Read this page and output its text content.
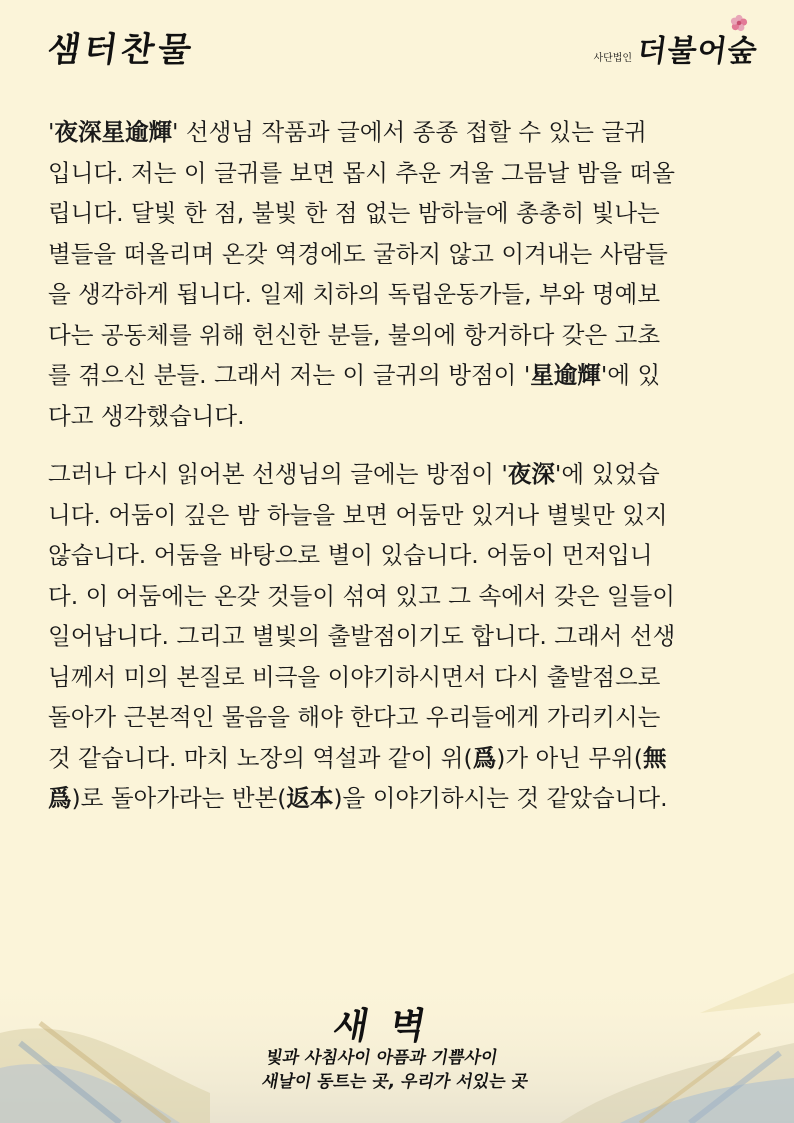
샘터찬물	사단법인 더불어숲

'夜深星逾輝' 선생님 작품과 글에서 종종 접할 수 있는 글귀
입니다. 저는 이 글귀를 보면 몹시 추운 겨울 그믐날 밤을 떠올
립니다. 달빛 한 점, 불빛 한 점 없는 밤하늘에 총총히 빛나는
별들을 떠올리며 온갖 역경에도 굴하지 않고 이겨내는 사람들
을 생각하게 됩니다. 일제 치하의 독립운동가들, 부와 명예보
다는 공동체를 위해 헌신한 분들, 불의에 항거하다 갖은 고초
를 겪으신 분들. 그래서 저는 이 글귀의 방점이 '星逾輝'에 있
다고 생각했습니다.

그러나 다시 읽어본 선생님의 글에는 방점이 '夜深'에 있었습
니다. 어둠이 깊은 밤 하늘을 보면 어둠만 있거나 별빛만 있지
않습니다. 어둠을 바탕으로 별이 있습니다. 어둠이 먼저입니
다. 이 어둠에는 온갖 것들이 섞여 있고 그 속에서 갖은 일들이
일어납니다. 그리고 별빛의 출발점이기도 합니다. 그래서 선생
님께서 미의 본질로 비극을 이야기하시면서 다시 출발점으로
돌아가 근본적인 물음을 해야 한다고 우리들에게 가리키시는
것 같습니다. 마치 노장의 역설과 같이 위(爲)가 아닌 무위(無
爲)로 돌아가라는 반본(返本)을 이야기하시는 것 같았습니다.

새벽
빛과 사침사이 아픔과 기쁨사이
새날이 동트는 곳, 우리가 서있는 곳
